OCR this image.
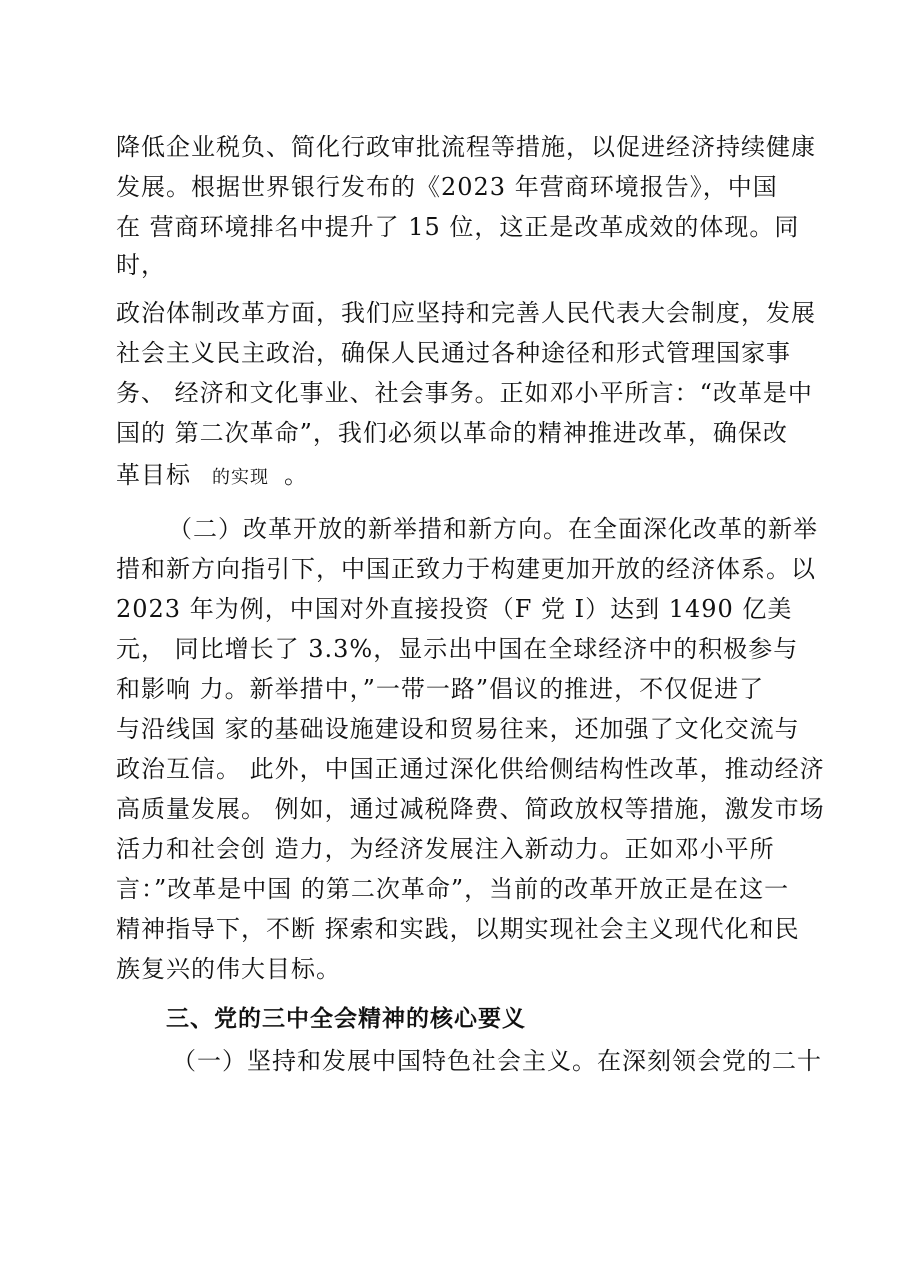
降低企业税负、简化行政审批流程等措施，以促进经济持续健康
发展。根据世界银行发布的《2023 年营商环境报告》，中国
在 营商环境排名中提升了 15 位，这正是改革成效的体现。同
时，
政治体制改革方面，我们应坚持和完善人民代表大会制度，发展
社会主义民主政治，确保人民通过各种途径和形式管理国家事
务、 经济和文化事业、社会事务。正如邓小平所言：“改革是中
国的 第二次革命”，我们必须以革命的精神推进改革，确保改
革目标 的实现 。
（二）改革开放的新举措和新方向。在全面深化改革的新举
措和新方向指引下，中国正致力于构建更加开放的经济体系。以
2023 年为例，中国对外直接投资（F 党 I）达到 1490 亿美
元， 同比增长了 3.3%，显示出中国在全球经济中的积极参与
和影响 力。新举措中，”一带一路”倡议的推进，不仅促进了
与沿线国 家的基础设施建设和贸易往来，还加强了文化交流与
政治互信。 此外，中国正通过深化供给侧结构性改革，推动经济
高质量发展。 例如，通过减税降费、简政放权等措施，激发市场
活力和社会创 造力，为经济发展注入新动力。正如邓小平所
言：”改革是中国 的第二次革命”，当前的改革开放正是在这一
精神指导下，不断 探索和实践，以期实现社会主义现代化和民
族复兴的伟大目标。
三、党的三中全会精神的核心要义
（一）坚持和发展中国特色社会主义。在深刻领会党的二十
